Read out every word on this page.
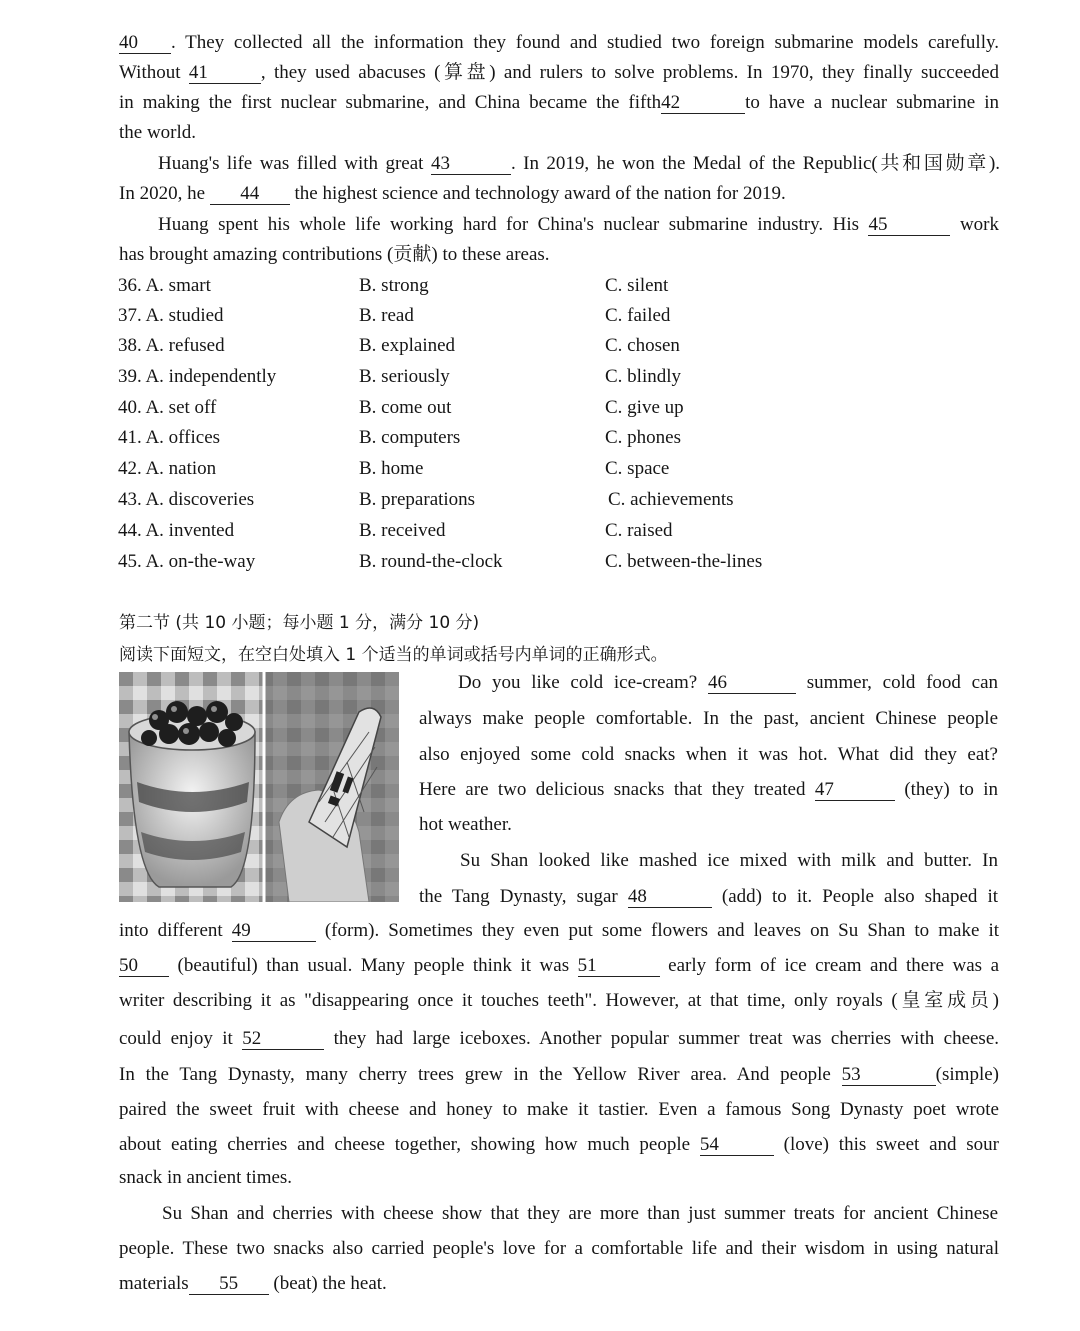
40 . They collected all the information they found and studied two foreign submarine models carefully.
Without 41	, they used abacuses (算盘) and rulers to solve problems. In 1970, they finally succeeded
in making the first nuclear submarine, and China became the fifth42	to have a nuclear submarine in
the world.
Huang's life was filled with great 43	. In 2019, he won the Medal of the Republic(共和国勋章).
In 2020, he 44 the highest science and technology award of the nation for 2019.
Huang spent his whole life working hard for China's nuclear submarine industry. His 45	work
has brought amazing contributions (贡献) to these areas.
36. A. smart	B. strong	C. silent
37. A. studied	B. read	C. failed
38. A. refused	B. explained	C. chosen
39. A. independently	B. seriously	C. blindly
40. A. set off	B. come out	C. give up
41. A. offices	B. computers	C. phones
42. A. nation	B. home	C. space
43. A. discoveries	B. preparations	C. achievements
44. A. invented	B. received	C. raised
45. A. on-the-way	B. round-the-clock	C. between-the-lines
第二节 (共 10 小题；每小题 1 分，满分 10 分)
阅读下面短文，在空白处填入 1 个适当的单词或括号内单词的正确形式。
Do you like cold ice-cream? 46	summer, cold food can
always make people comfortable. In the past, ancient Chinese people
also enjoyed some cold snacks when it was hot. What did they eat?
Here are two delicious snacks that they treated 47	(they) to in
hot weather.
Su Shan looked like mashed ice mixed with milk and butter. In
the Tang Dynasty, sugar 48	(add) to it. People also shaped it
into different 49	(form). Sometimes they even put some flowers and leaves on Su Shan to make it
50 (beautiful) than usual. Many people think it was 51	early form of ice cream and there was a
writer describing it as "disappearing once it touches teeth". However, at that time, only royals (皇室成员)
could enjoy it 52	they had large iceboxes. Another popular summer treat was cherries with cheese.
In the Tang Dynasty, many cherry trees grew in the Yellow River area. And people 53	(simple)
paired the sweet fruit with cheese and honey to make it tastier. Even a famous Song Dynasty poet wrote
about eating cherries and cheese together, showing how much people 54	(love) this sweet and sour
snack in ancient times.
Su Shan and cherries with cheese show that they are more than just summer treats for ancient Chinese
people. These two snacks also carried people's love for a comfortable life and their wisdom in using natural
materials 55 (beat) the heat.
